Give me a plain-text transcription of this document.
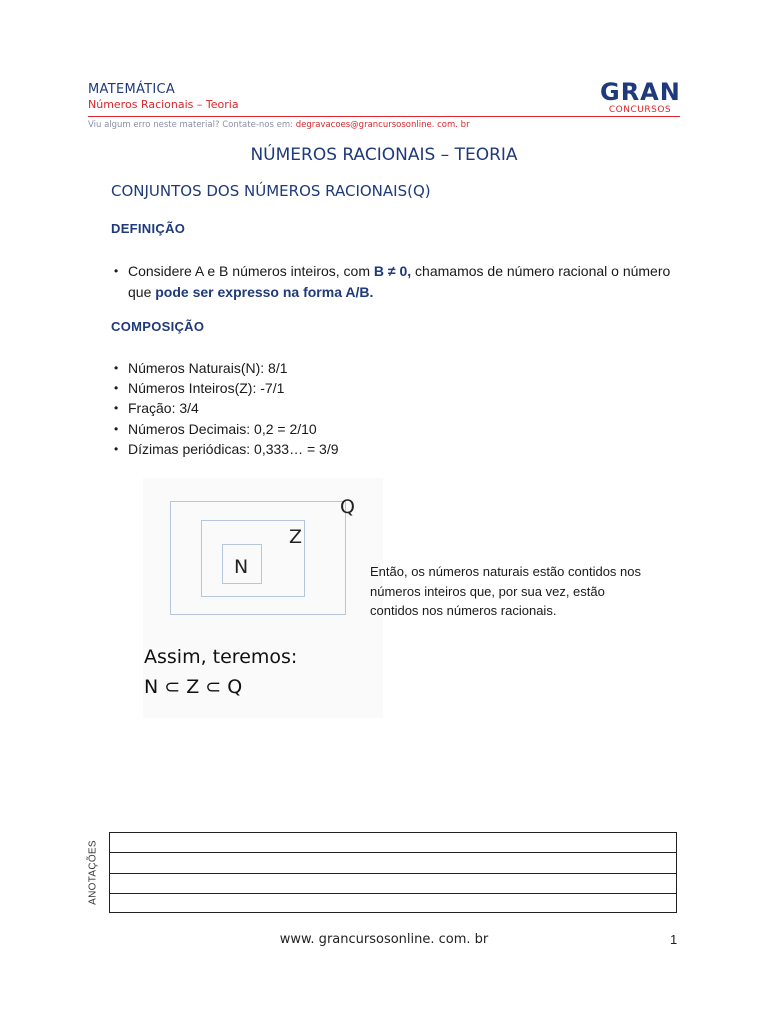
MATEMÁTICA
Números Racionais – Teoria	GRAN
CONCURSOS
Viu algum erro neste material? Contate-nos em: degravacoes@grancursosonline. com. br
NÚMEROS RACIONAIS – TEORIA
CONJUNTOS DOS NÚMEROS RACIONAIS(Q)
DEFINIÇÃO
• Considere A e B números inteiros, com B ≠ 0, chamamos de número racional o número que pode ser expresso na forma A/B.
COMPOSIÇÃO
• Números Naturais(N): 8/1
• Números Inteiros(Z): -7/1
• Fração: 3/4
• Números Decimais: 0,2 = 2/10
• Dízimas periódicas: 0,333… = 3/9
Q
Z
N
Assim, teremos:
N ⊂ Z ⊂ Q
Então, os números naturais estão contidos nos números inteiros que, por sua vez, estão contidos nos números racionais.
ANOTAÇÕES
www. grancursosonline. com. br	1
